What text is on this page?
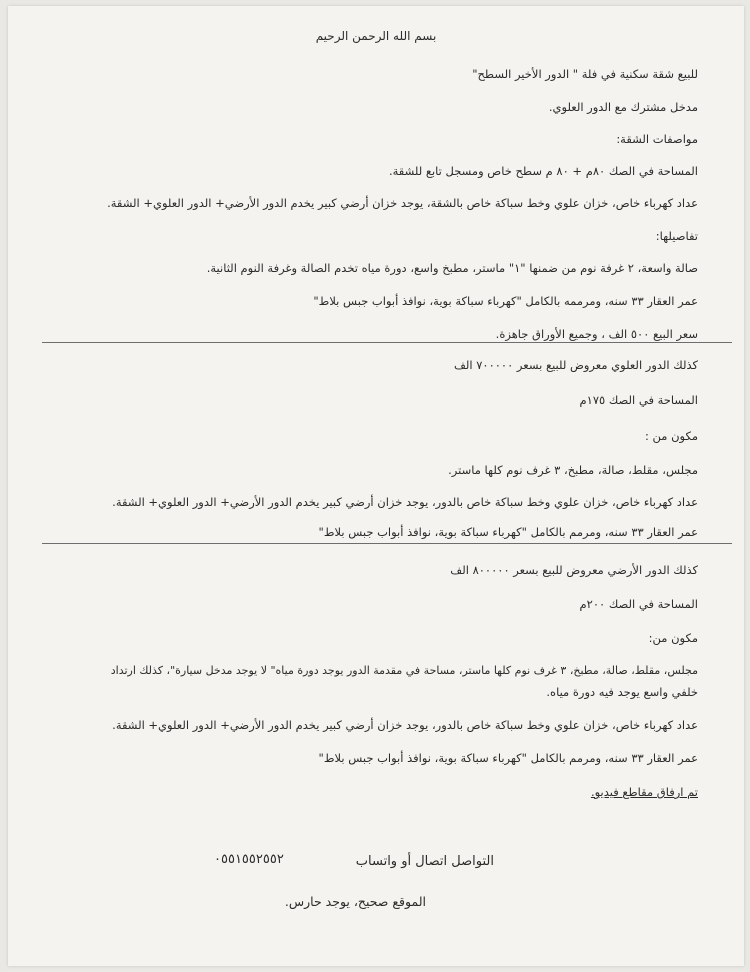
بسم الله الرحمن الرحيم
للبيع شقة سكنية في فلة " الدور الأخير السطح"
مدخل مشترك مع الدور العلوي.
مواصفات الشقة:
المساحة في الصك ٨٠م + ٨٠ م سطح خاص ومسجل تابع للشقة.
عداد كهرباء خاص، خزان علوي وخط سباكة خاص بالشقة، يوجد خزان أرضي كبير يخدم الدور الأرضي+ الدور العلوي+ الشقة.
تفاصيلها:
صالة واسعة، ٢ غرفة نوم من ضمنها "١" ماستر، مطبخ واسع، دورة مياه تخدم الصالة وغرفة النوم الثانية.
عمر العقار ٣٣ سنه، ومرممه بالكامل "كهرباء سباكة بوية، نوافذ أبواب جبس بلاط"
سعر البيع ٥٠٠ الف ، وجميع الأوراق جاهزة.
كذلك الدور العلوي معروض للبيع بسعر ٧٠٠٠٠٠ الف
المساحة في الصك ١٧٥م
مكون من :
مجلس، مقلط، صالة، مطبخ، ٣ غرف نوم كلها ماستر.
عداد كهرباء خاص، خزان علوي وخط سباكة خاص بالدور، يوجد خزان أرضي كبير يخدم الدور الأرضي+ الدور العلوي+ الشقة.
عمر العقار ٣٣ سنه، ومرمم بالكامل "كهرباء سباكة بوية، نوافذ أبواب جبس بلاط"
كذلك الدور الأرضي معروض للبيع بسعر ٨٠٠٠٠٠ الف
المساحة في الصك ٢٠٠م
مكون من:
مجلس، مقلط، صالة، مطبخ، ٣ غرف نوم كلها ماستر، مساحة في مقدمة الدور يوجد دورة مياه" لا يوجد مدخل سيارة"، كذلك ارتداد
خلفي واسع يوجد فيه دورة مياه.
عداد كهرباء خاص، خزان علوي وخط سباكة خاص بالدور، يوجد خزان أرضي كبير يخدم الدور الأرضي+ الدور العلوي+ الشقة.
عمر العقار ٣٣ سنه، ومرمم بالكامل "كهرباء سباكة بوية، نوافذ أبواب جبس بلاط"
تم ارفاق مقاطع فيديو.
التواصل اتصال أو واتساب
٠٥٥١٥٥٢٥٥٢
الموقع صحيح، يوجد حارس.
